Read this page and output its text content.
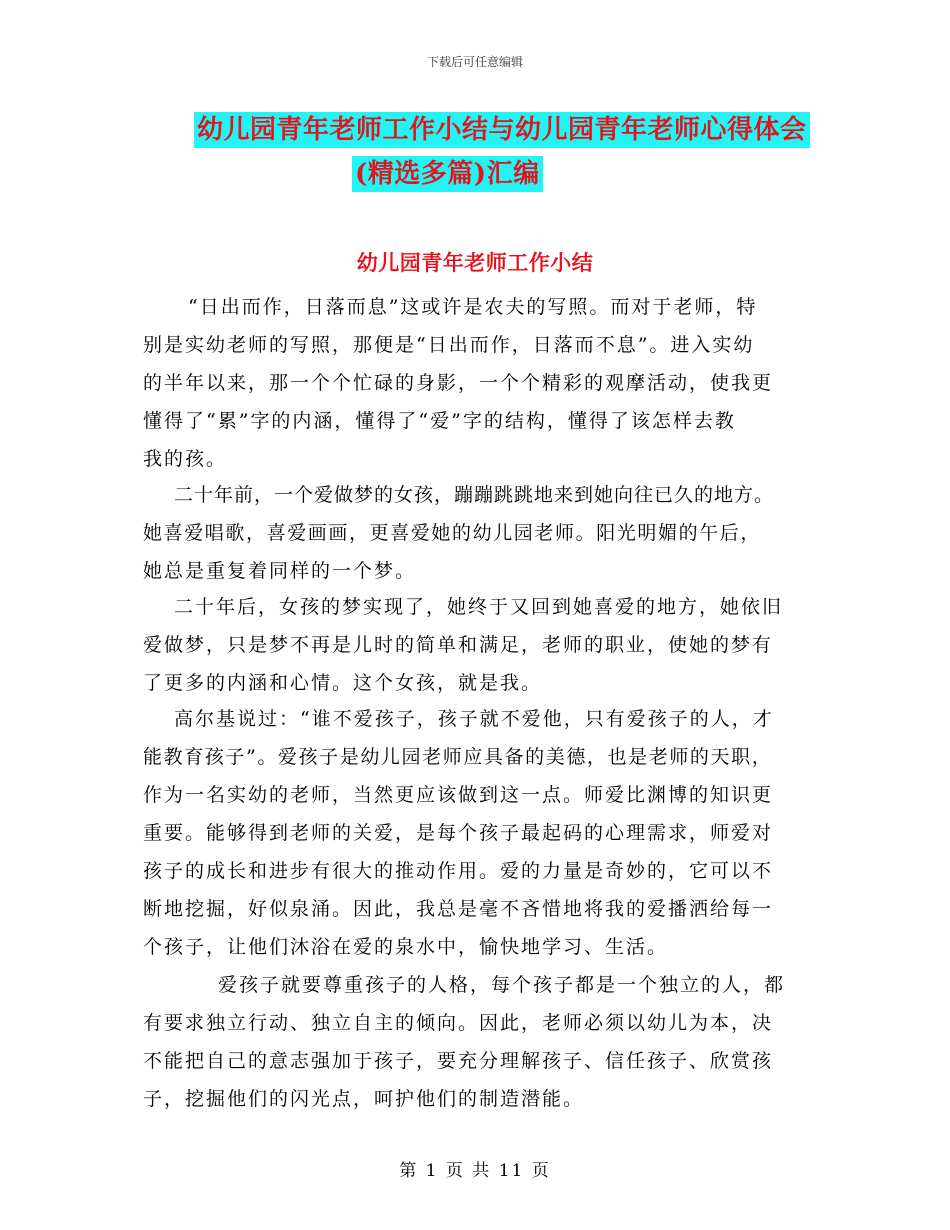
下载后可任意编辑
幼儿园青年老师工作小结与幼儿园青年老师心得体会
(精选多篇)汇编
幼儿园青年老师工作小结
“日出而作，日落而息”这或许是农夫的写照。而对于老师，特
别是实幼老师的写照，那便是“日出而作，日落而不息”。进入实幼
的半年以来，那一个个忙碌的身影，一个个精彩的观摩活动，使我更
懂得了“累”字的内涵，懂得了“爱”字的结构，懂得了该怎样去教
我的孩。
二十年前，一个爱做梦的女孩，蹦蹦跳跳地来到她向往已久的地方。
她喜爱唱歌，喜爱画画，更喜爱她的幼儿园老师。阳光明媚的午后，
她总是重复着同样的一个梦。
二十年后，女孩的梦实现了，她终于又回到她喜爱的地方，她依旧
爱做梦，只是梦不再是儿时的简单和满足，老师的职业，使她的梦有
了更多的内涵和心情。这个女孩，就是我。
高尔基说过：“谁不爱孩子，孩子就不爱他，只有爱孩子的人，才
能教育孩子”。爱孩子是幼儿园老师应具备的美德，也是老师的天职，
作为一名实幼的老师，当然更应该做到这一点。师爱比渊博的知识更
重要。能够得到老师的关爱，是每个孩子最起码的心理需求，师爱对
孩子的成长和进步有很大的推动作用。爱的力量是奇妙的，它可以不
断地挖掘，好似泉涌。因此，我总是毫不吝惜地将我的爱播洒给每一
个孩子，让他们沐浴在爱的泉水中，愉快地学习、生活。
爱孩子就要尊重孩子的人格，每个孩子都是一个独立的人，都
有要求独立行动、独立自主的倾向。因此，老师必须以幼儿为本，决
不能把自己的意志强加于孩子，要充分理解孩子、信任孩子、欣赏孩
子，挖掘他们的闪光点，呵护他们的制造潜能。
第 1 页 共 11 页
